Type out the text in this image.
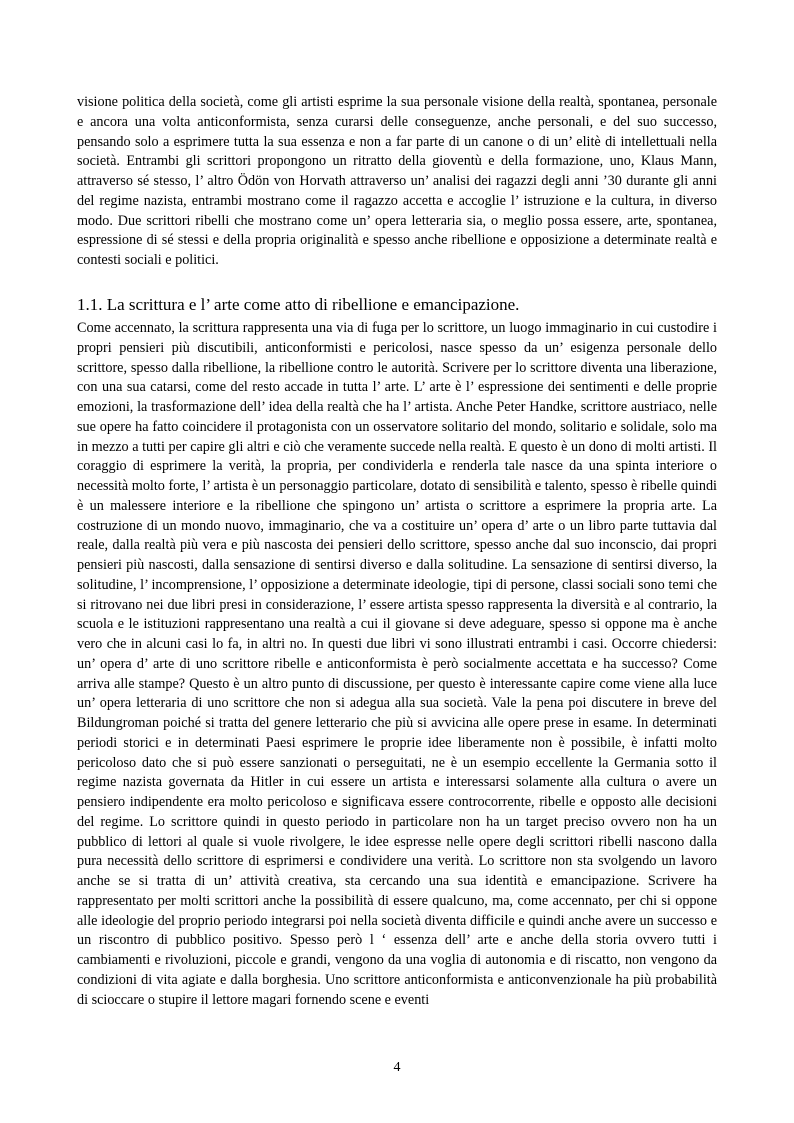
visione politica della società, come gli artisti esprime la sua personale visione della realtà, spontanea, personale e ancora una volta anticonformista, senza curarsi delle conseguenze, anche personali, e del suo successo, pensando solo a esprimere tutta la sua essenza e non a far parte di un canone o di un’ elitè di intellettuali nella società. Entrambi gli scrittori propongono un ritratto della gioventù e della formazione, uno, Klaus Mann, attraverso sé stesso, l’ altro Ödön von Horvath attraverso un’ analisi dei ragazzi degli anni ’30 durante gli anni del regime nazista, entrambi mostrano come il ragazzo accetta e accoglie l’ istruzione e la cultura, in diverso modo. Due scrittori ribelli che mostrano come un’ opera letteraria sia, o meglio possa essere, arte, spontanea, espressione di sé stessi e della propria originalità e spesso anche ribellione e opposizione a determinate realtà e contesti sociali e politici.

1.1. La scrittura e l’ arte come atto di ribellione e emancipazione.

Come accennato, la scrittura rappresenta una via di fuga per lo scrittore, un luogo immaginario in cui custodire i propri pensieri più discutibili, anticonformisti e pericolosi, nasce spesso da un’ esigenza personale dello scrittore, spesso dalla ribellione, la ribellione contro le autorità. Scrivere per lo scrittore diventa una liberazione, con una sua catarsi, come del resto accade in tutta l’ arte. L’ arte è l’ espressione dei sentimenti e delle proprie emozioni, la trasformazione dell’ idea della realtà che ha l’ artista. Anche Peter Handke, scrittore austriaco, nelle sue opere ha fatto coincidere il protagonista con un osservatore solitario del mondo, solitario e solidale, solo ma in mezzo a tutti per capire gli altri e ciò che veramente succede nella realtà. E questo è un dono di molti artisti. Il coraggio di esprimere la verità, la propria, per condividerla e renderla tale nasce da una spinta interiore o necessità molto forte, l’ artista è un personaggio particolare, dotato di sensibilità e talento, spesso è ribelle quindi è un malessere interiore e la ribellione che spingono un’ artista o scrittore a esprimere la propria arte. La costruzione di un mondo nuovo, immaginario, che va a costituire un’ opera d’ arte o un libro parte tuttavia dal reale, dalla realtà più vera e più nascosta dei pensieri dello scrittore, spesso anche dal suo inconscio, dai propri pensieri più nascosti, dalla sensazione di sentirsi diverso e dalla solitudine. La sensazione di sentirsi diverso, la solitudine, l’ incomprensione, l’ opposizione a determinate ideologie, tipi di persone, classi sociali sono temi che si ritrovano nei due libri presi in considerazione, l’ essere artista spesso rappresenta la diversità e al contrario, la scuola e le istituzioni rappresentano una realtà a cui il giovane si deve adeguare, spesso si oppone ma è anche vero che in alcuni casi lo fa, in altri no. In questi due libri vi sono illustrati entrambi i casi. Occorre chiedersi: un’ opera d’ arte di uno scrittore ribelle e anticonformista è però socialmente accettata e ha successo? Come arriva alle stampe? Questo è un altro punto di discussione, per questo è interessante capire come viene alla luce un’ opera letteraria di uno scrittore che non si adegua alla sua società. Vale la pena poi discutere in breve del Bildungroman poiché si tratta del genere letterario che più si avvicina alle opere prese in esame. In determinati periodi storici e in determinati Paesi esprimere le proprie idee liberamente non è possibile, è infatti molto pericoloso dato che si può essere sanzionati o perseguitati, ne è un esempio eccellente la Germania sotto il regime nazista governata da Hitler in cui essere un artista e interessarsi solamente alla cultura o avere un pensiero indipendente era molto pericoloso e significava essere controcorrente, ribelle e opposto alle decisioni del regime. Lo scrittore quindi in questo periodo in particolare non ha un target preciso ovvero non ha un pubblico di lettori al quale si vuole rivolgere, le idee espresse nelle opere degli scrittori ribelli nascono dalla pura necessità dello scrittore di esprimersi e condividere una verità. Lo scrittore non sta svolgendo un lavoro anche se si tratta di un’ attività creativa, sta cercando una sua identità e emancipazione. Scrivere ha rappresentato per molti scrittori anche la possibilità di essere qualcuno, ma, come accennato, per chi si oppone alle ideologie del proprio periodo integrarsi poi nella società diventa difficile e quindi anche avere un successo e un riscontro di pubblico positivo. Spesso però l ‘ essenza dell’ arte e anche della storia ovvero tutti i cambiamenti e rivoluzioni, piccole e grandi, vengono da una voglia di autonomia e di riscatto, non vengono da condizioni di vita agiate e dalla borghesia. Uno scrittore anticonformista e anticonvenzionale ha più probabilità di scioccare o stupire il lettore magari fornendo scene e eventi

4
